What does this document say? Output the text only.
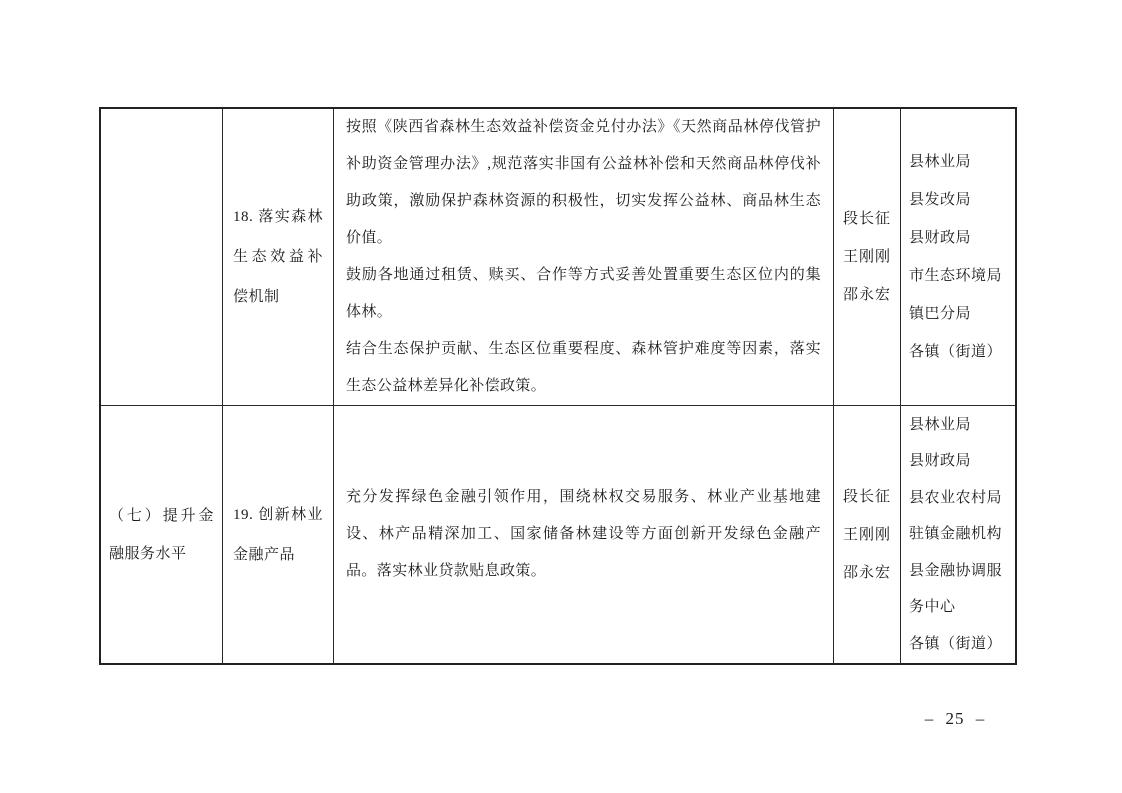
18. 落实森林生态效益补偿机制

按照《陕西省森林生态效益补偿资金兑付办法》《天然商品林停伐管护补助资金管理办法》,规范落实非国有公益林补偿和天然商品林停伐补助政策，激励保护森林资源的积极性，切实发挥公益林、商品林生态价值。

鼓励各地通过租赁、赎买、合作等方式妥善处置重要生态区位内的集体林。

结合生态保护贡献、生态区位重要程度、森林管护难度等因素，落实生态公益林差异化补偿政策。

段长征
王刚刚
邵永宏
县林业局
县发改局
县财政局
市生态环境局
镇巴分局
各镇（街道）
（七）提升金融服务水平
19. 创新林业金融产品

充分发挥绿色金融引领作用，围绕林权交易服务、林业产业基地建设、林产品精深加工、国家储备林建设等方面创新开发绿色金融产品。落实林业贷款贴息政策。

段长征
王刚刚
邵永宏
县林业局
县财政局
县农业农村局
驻镇金融机构
县金融协调服务中心
各镇（街道）
– 25 –
